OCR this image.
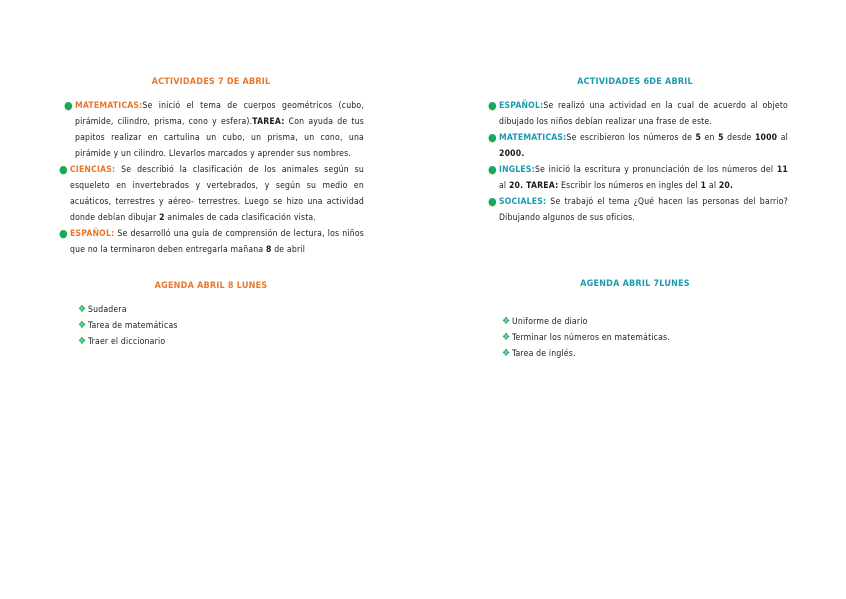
ACTIVIDADES 7 DE ABRIL
● MATEMATICAS:Se inició el tema de cuerpos geométricos (cubo, pirámide, cilindro, prisma, cono y esfera).TAREA: Con ayuda de tus papitos realizar en cartulina un cubo, un prisma, un cono, una pirámide y un cilindro. Llevarlos marcados y aprender sus nombres.
● CIENCIAS: Se describió la clasificación de los animales según su esqueleto en invertebrados y vertebrados, y según su medio en acuáticos, terrestres y aéreo- terrestres. Luego se hizo una actividad donde debían dibujar 2 animales de cada clasificación vista.
● ESPAÑOL: Se desarrolló una guía de comprensión de lectura, los niños que no la terminaron deben entregarla mañana 8 de abril
AGENDA ABRIL 8 LUNES
❖ Sudadera
❖ Tarea de matemáticas
❖ Traer el diccionario
ACTIVIDADES 6DE ABRIL
● ESPAÑOL:Se realizó una actividad en la cual de acuerdo al objeto dibujado los niños debían realizar una frase de este.
● MATEMATICAS:Se escribieron los números de 5 en 5 desde 1000 al 2000.
● INGLES:Se inició la escritura y pronunciación de los números del 11 al 20. TAREA: Escribir los números en ingles del 1 al 20.
● SOCIALES: Se trabajó el tema ¿Qué hacen las personas del barrio? Dibujando algunos de sus oficios.
AGENDA ABRIL 7LUNES
❖ Uniforme de diario
❖ Terminar los números en matemáticas.
❖ Tarea de inglés.
